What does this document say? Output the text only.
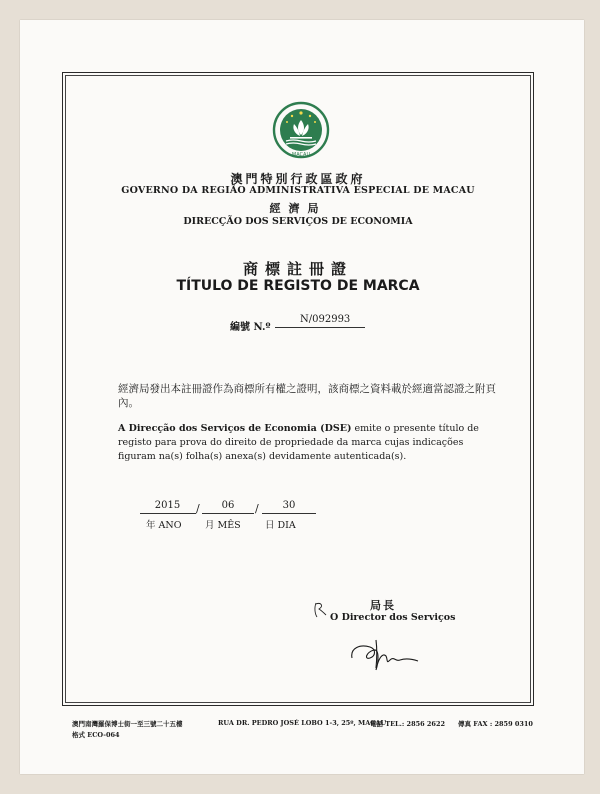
MACAU
澳門特別行政區政府
GOVERNO DA REGIÃO ADMINISTRATIVA ESPECIAL DE MACAU
經濟局
DIRECÇÃO DOS SERVIÇOS DE ECONOMIA
商標註冊證
TÍTULO DE REGISTO DE MARCA
編號 N.º
N/092993
經濟局發出本註冊證作為商標所有權之證明，該商標之資料載於經適當認證之附頁內。
A Direcção dos Serviços de Economia (DSE) emite o presente título de registo para prova do direito de propriedade da marca cujas indicações figuram na(s) folha(s) anexa(s) devidamente autenticada(s).
2015	/	06	/	30
年 ANO 月 MÊS	日 DIA
局長
O Director dos Serviços
澳門南灣羅保博士街一至三號二十五樓	RUA DR. PEDRO JOSÉ LOBO 1-3, 25º, MACAU
電話 TEL.: 2856 2622 傳真 FAX : 2859 0310
格式 ECO-064
